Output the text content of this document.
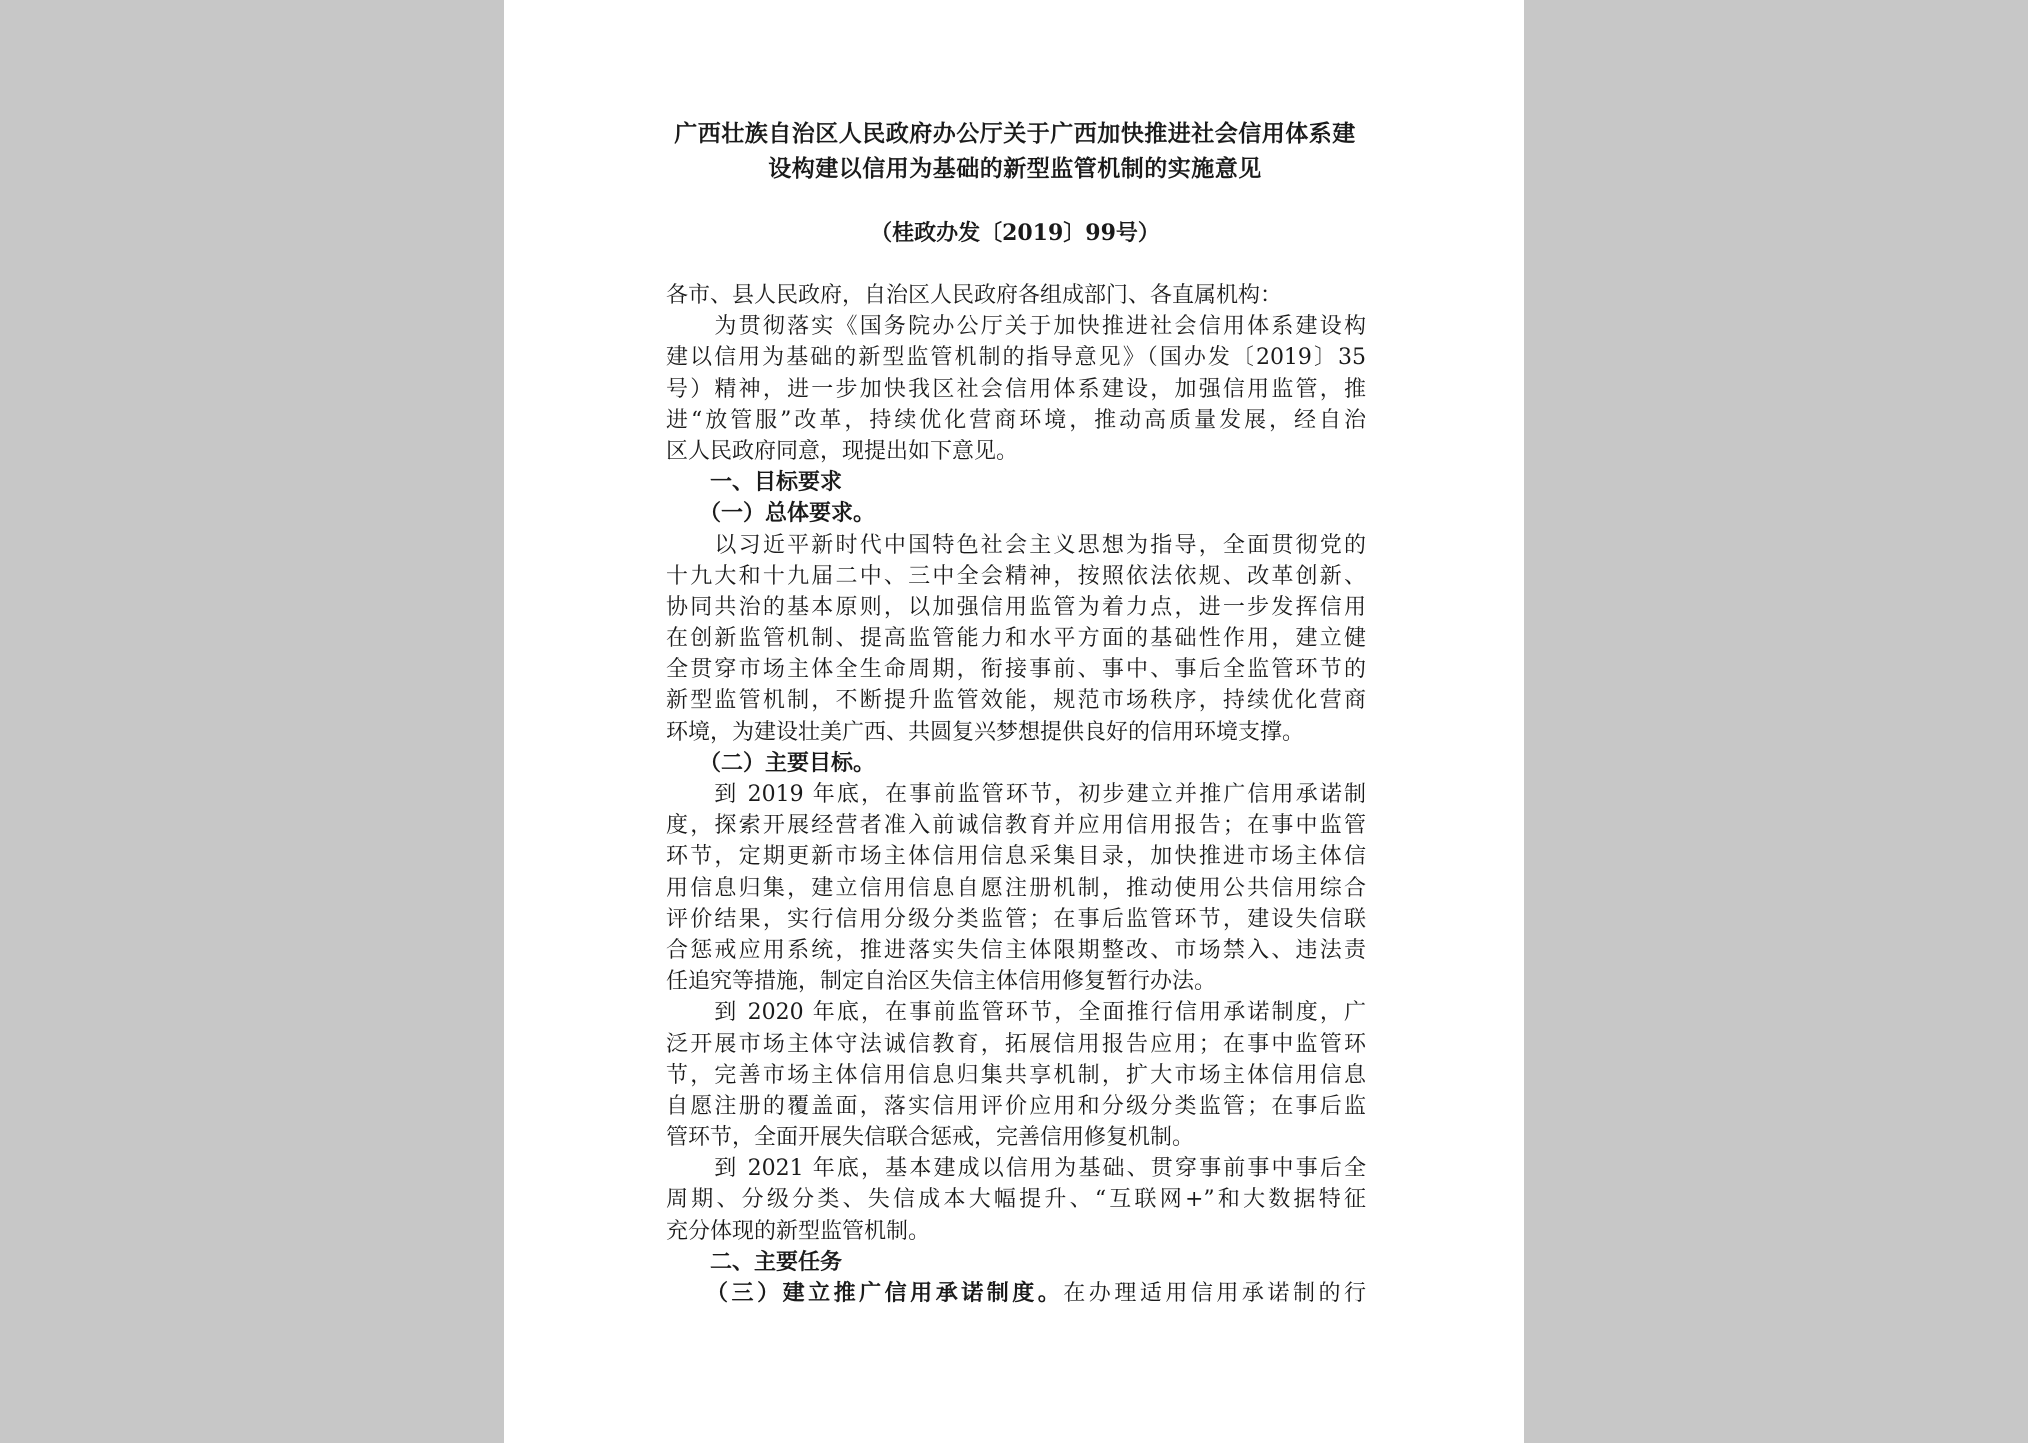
广西壮族自治区人民政府办公厅关于广西加快推进社会信用体系建
设构建以信用为基础的新型监管机制的实施意见
（桂政办发〔2019〕99号）
各市、县人民政府，自治区人民政府各组成部门、各直属机构：
　　为贯彻落实《国务院办公厅关于加快推进社会信用体系建设构
建以信用为基础的新型监管机制的指导意见》（国办发〔2019〕35
号）精神，进一步加快我区社会信用体系建设，加强信用监管，推
进“放管服”改革，持续优化营商环境，推动高质量发展，经自治
区人民政府同意，现提出如下意见。
　　一、目标要求
　　（一）总体要求。
　　以习近平新时代中国特色社会主义思想为指导，全面贯彻党的
十九大和十九届二中、三中全会精神，按照依法依规、改革创新、
协同共治的基本原则，以加强信用监管为着力点，进一步发挥信用
在创新监管机制、提高监管能力和水平方面的基础性作用，建立健
全贯穿市场主体全生命周期，衔接事前、事中、事后全监管环节的
新型监管机制，不断提升监管效能，规范市场秩序，持续优化营商
环境，为建设壮美广西、共圆复兴梦想提供良好的信用环境支撑。
　　（二）主要目标。
　　到 2019 年底，在事前监管环节，初步建立并推广信用承诺制
度，探索开展经营者准入前诚信教育并应用信用报告；在事中监管
环节，定期更新市场主体信用信息采集目录，加快推进市场主体信
用信息归集，建立信用信息自愿注册机制，推动使用公共信用综合
评价结果，实行信用分级分类监管；在事后监管环节，建设失信联
合惩戒应用系统，推进落实失信主体限期整改、市场禁入、违法责
任追究等措施，制定自治区失信主体信用修复暂行办法。
　　到 2020 年底，在事前监管环节，全面推行信用承诺制度，广
泛开展市场主体守法诚信教育，拓展信用报告应用；在事中监管环
节，完善市场主体信用信息归集共享机制，扩大市场主体信用信息
自愿注册的覆盖面，落实信用评价应用和分级分类监管；在事后监
管环节，全面开展失信联合惩戒，完善信用修复机制。
　　到 2021 年底，基本建成以信用为基础、贯穿事前事中事后全
周期、分级分类、失信成本大幅提升、“互联网+”和大数据特征
充分体现的新型监管机制。
　　二、主要任务
　　（三）建立推广信用承诺制度。在办理适用信用承诺制的行
